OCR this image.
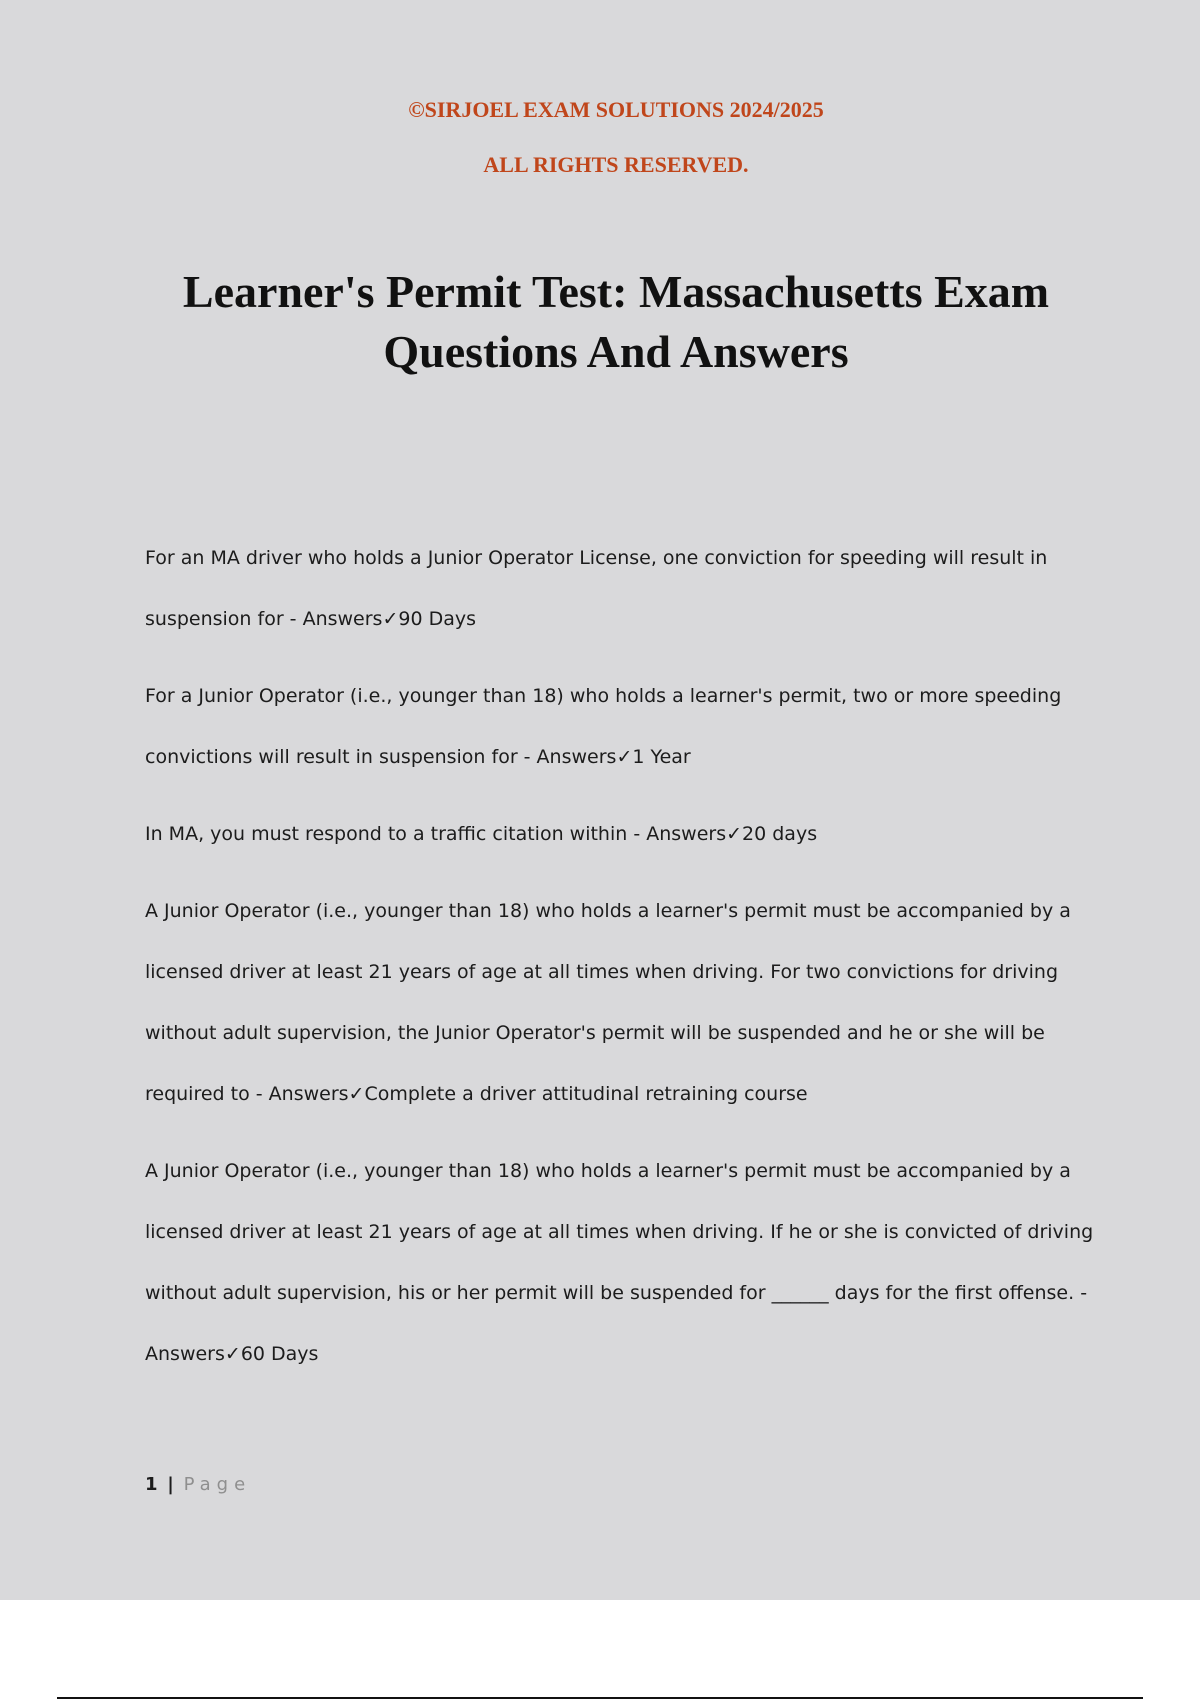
©SIRJOEL EXAM SOLUTIONS 2024/2025
ALL RIGHTS RESERVED.
Learner's Permit Test: Massachusetts Exam Questions And Answers

For an MA driver who holds a Junior Operator License, one conviction for speeding will result in suspension for - Answers✓90 Days

For a Junior Operator (i.e., younger than 18) who holds a learner's permit, two or more speeding convictions will result in suspension for - Answers✓1 Year

In MA, you must respond to a traffic citation within - Answers✓20 days

A Junior Operator (i.e., younger than 18) who holds a learner's permit must be accompanied by a licensed driver at least 21 years of age at all times when driving. For two convictions for driving without adult supervision, the Junior Operator's permit will be suspended and he or she will be required to - Answers✓Complete a driver attitudinal retraining course

A Junior Operator (i.e., younger than 18) who holds a learner's permit must be accompanied by a licensed driver at least 21 years of age at all times when driving. If he or she is convicted of driving without adult supervision, his or her permit will be suspended for ______ days for the first offense. - Answers✓60 Days

1 | Page
